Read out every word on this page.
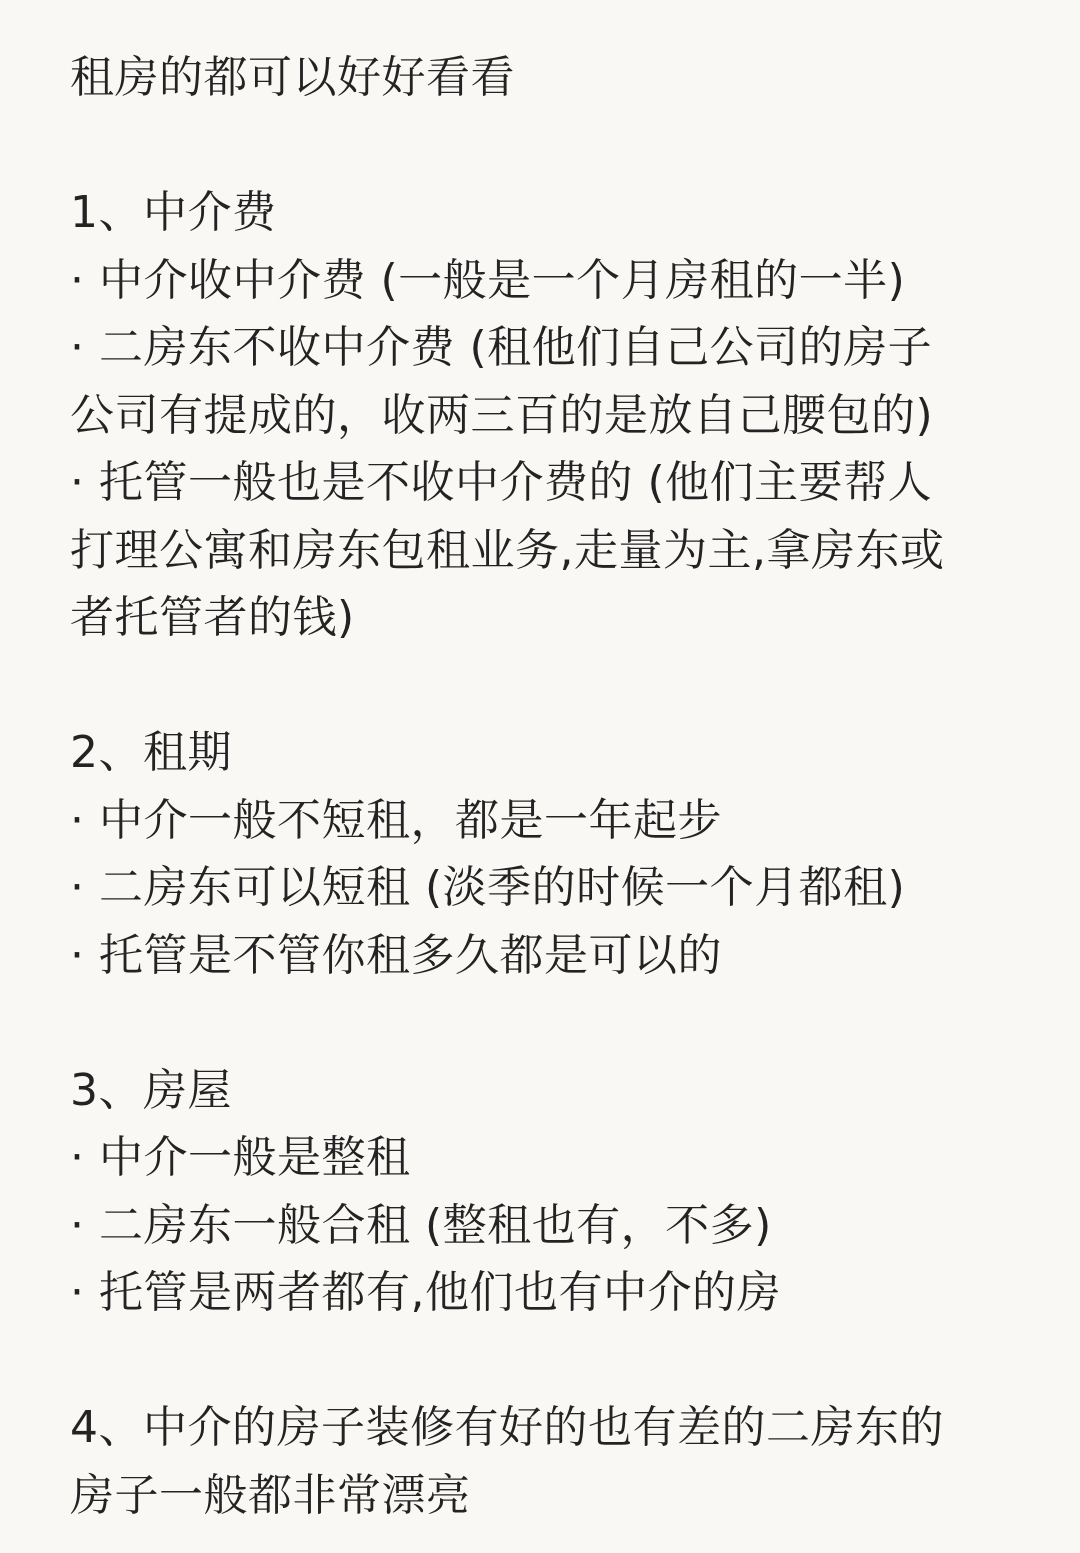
租房的都可以好好看看
1、中介费
· 中介收中介费 (一般是一个月房租的一半)
· 二房东不收中介费 (租他们自己公司的房子
公司有提成的，收两三百的是放自己腰包的)
· 托管一般也是不收中介费的 (他们主要帮人
打理公寓和房东包租业务,走量为主,拿房东或
者托管者的钱)
2、租期
· 中介一般不短租，都是一年起步
· 二房东可以短租 (淡季的时候一个月都租)
· 托管是不管你租多久都是可以的
3、房屋
· 中介一般是整租
· 二房东一般合租 (整租也有，不多)
· 托管是两者都有,他们也有中介的房
4、中介的房子装修有好的也有差的二房东的
房子一般都非常漂亮
